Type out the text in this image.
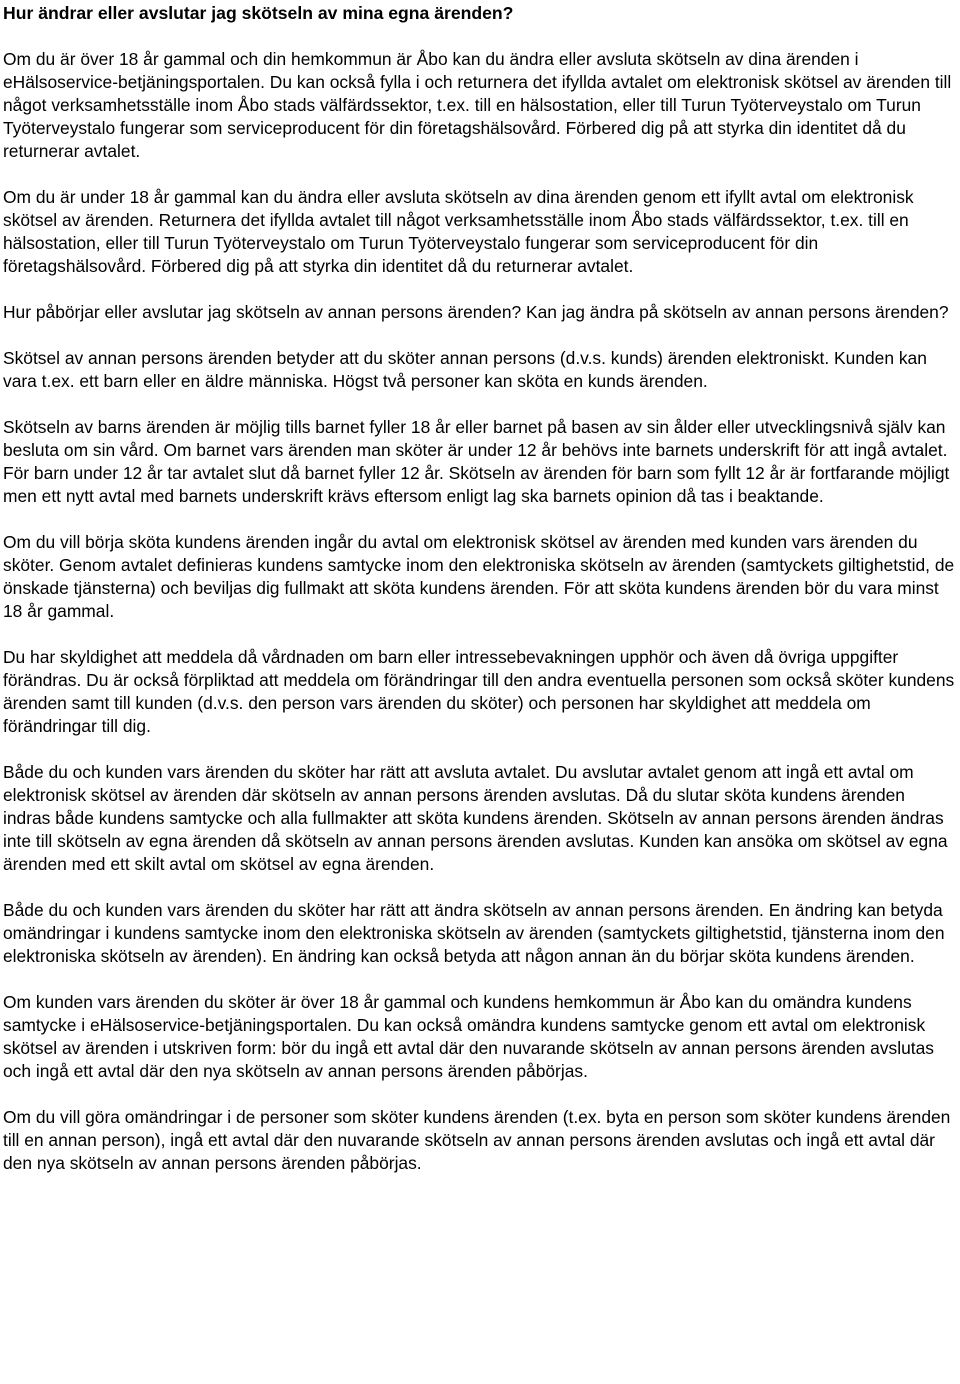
Hur ändrar eller avslutar jag skötseln av mina egna ärenden?

Om du är över 18 år gammal och din hemkommun är Åbo kan du ändra eller avsluta skötseln av dina ärenden i eHälsoservice-betjäningsportalen. Du kan också fylla i och returnera det ifyllda avtalet om elektronisk skötsel av ärenden till något verksamhetsställe inom Åbo stads välfärdssektor, t.ex. till en hälsostation, eller till Turun Työterveystalo om Turun Työterveystalo fungerar som serviceproducent för din företagshälsovård. Förbered dig på att styrka din identitet då du returnerar avtalet.

Om du är under 18 år gammal kan du ändra eller avsluta skötseln av dina ärenden genom ett ifyllt avtal om elektronisk skötsel av ärenden. Returnera det ifyllda avtalet till något verksamhetsställe inom Åbo stads välfärdssektor, t.ex. till en hälsostation, eller till Turun Työterveystalo om Turun Työterveystalo fungerar som serviceproducent för din företagshälsovård. Förbered dig på att styrka din identitet då du returnerar avtalet.

Hur påbörjar eller avslutar jag skötseln av annan persons ärenden? Kan jag ändra på skötseln av annan persons ärenden?

Skötsel av annan persons ärenden betyder att du sköter annan persons (d.v.s. kunds) ärenden elektroniskt. Kunden kan vara t.ex. ett barn eller en äldre människa. Högst två personer kan sköta en kunds ärenden.

Skötseln av barns ärenden är möjlig tills barnet fyller 18 år eller barnet på basen av sin ålder eller utvecklingsnivå själv kan besluta om sin vård. Om barnet vars ärenden man sköter är under 12 år behövs inte barnets underskrift för att ingå avtalet. För barn under 12 år tar avtalet slut då barnet fyller 12 år. Skötseln av ärenden för barn som fyllt 12 år är fortfarande möjligt men ett nytt avtal med barnets underskrift krävs eftersom enligt lag ska barnets opinion då tas i beaktande.

Om du vill börja sköta kundens ärenden ingår du avtal om elektronisk skötsel av ärenden med kunden vars ärenden du sköter. Genom avtalet definieras kundens samtycke inom den elektroniska skötseln av ärenden (samtyckets giltighetstid, de önskade tjänsterna) och beviljas dig fullmakt att sköta kundens ärenden. För att sköta kundens ärenden bör du vara minst 18 år gammal.

Du har skyldighet att meddela då vårdnaden om barn eller intressebevakningen upphör och även då övriga uppgifter förändras. Du är också förpliktad att meddela om förändringar till den andra eventuella personen som också sköter kundens ärenden samt till kunden (d.v.s. den person vars ärenden du sköter) och personen har skyldighet att meddela om förändringar till dig.

Både du och kunden vars ärenden du sköter har rätt att avsluta avtalet. Du avslutar avtalet genom att ingå ett avtal om elektronisk skötsel av ärenden där skötseln av annan persons ärenden avslutas. Då du slutar sköta kundens ärenden indras både kundens samtycke och alla fullmakter att sköta kundens ärenden. Skötseln av annan persons ärenden ändras inte till skötseln av egna ärenden då skötseln av annan persons ärenden avslutas. Kunden kan ansöka om skötsel av egna ärenden med ett skilt avtal om skötsel av egna ärenden.

Både du och kunden vars ärenden du sköter har rätt att ändra skötseln av annan persons ärenden. En ändring kan betyda omändringar i kundens samtycke inom den elektroniska skötseln av ärenden (samtyckets giltighetstid, tjänsterna inom den elektroniska skötseln av ärenden). En ändring kan också betyda att någon annan än du börjar sköta kundens ärenden.

Om kunden vars ärenden du sköter är över 18 år gammal och kundens hemkommun är Åbo kan du omändra kundens samtycke i eHälsoservice-betjäningsportalen. Du kan också omändra kundens samtycke genom ett avtal om elektronisk skötsel av ärenden i utskriven form: bör du ingå ett avtal där den nuvarande skötseln av annan persons ärenden avslutas och ingå ett avtal där den nya skötseln av annan persons ärenden påbörjas.

Om du vill göra omändringar i de personer som sköter kundens ärenden (t.ex. byta en person som sköter kundens ärenden till en annan person), ingå ett avtal där den nuvarande skötseln av annan persons ärenden avslutas och ingå ett avtal där den nya skötseln av annan persons ärenden påbörjas.
